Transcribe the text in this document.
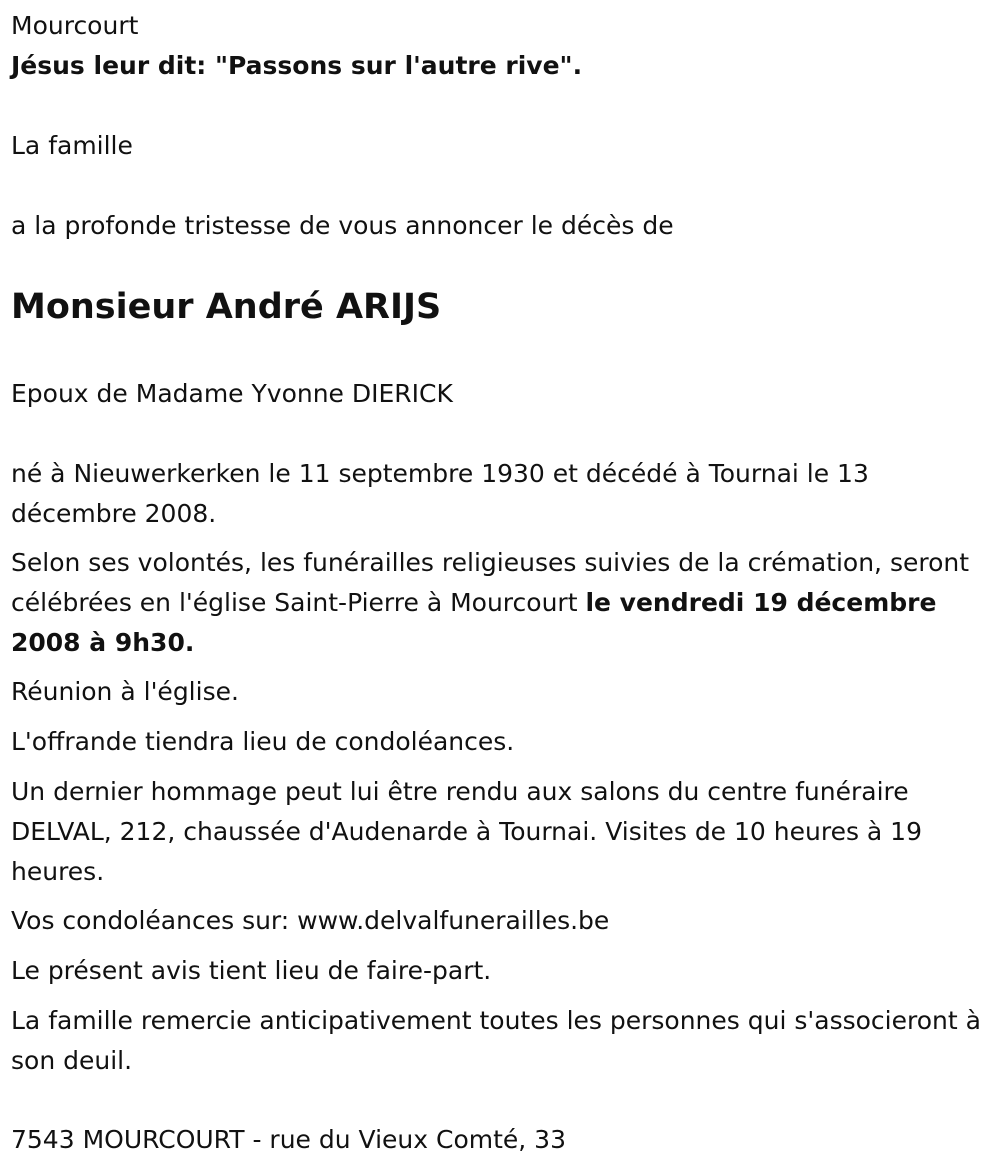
Mourcourt

Jésus leur dit: "Passons sur l'autre rive".

La famille

a la profonde tristesse de vous annoncer le décès de

Monsieur André ARIJS

Epoux de Madame Yvonne DIERICK

né à Nieuwerkerken le 11 septembre 1930 et décédé à Tournai le 13 décembre 2008.

Selon ses volontés, les funérailles religieuses suivies de la crémation, seront célébrées en l'église Saint-Pierre à Mourcourt le vendredi 19 décembre 2008 à 9h30.

Réunion à l'église.

L'offrande tiendra lieu de condoléances.

Un dernier hommage peut lui être rendu aux salons du centre funéraire DELVAL, 212, chaussée d'Audenarde à Tournai. Visites de 10 heures à 19 heures.

Vos condoléances sur: www.delvalfunerailles.be

Le présent avis tient lieu de faire-part.

La famille remercie anticipativement toutes les personnes qui s'associeront à son deuil.

7543 MOURCOURT - rue du Vieux Comté, 33
